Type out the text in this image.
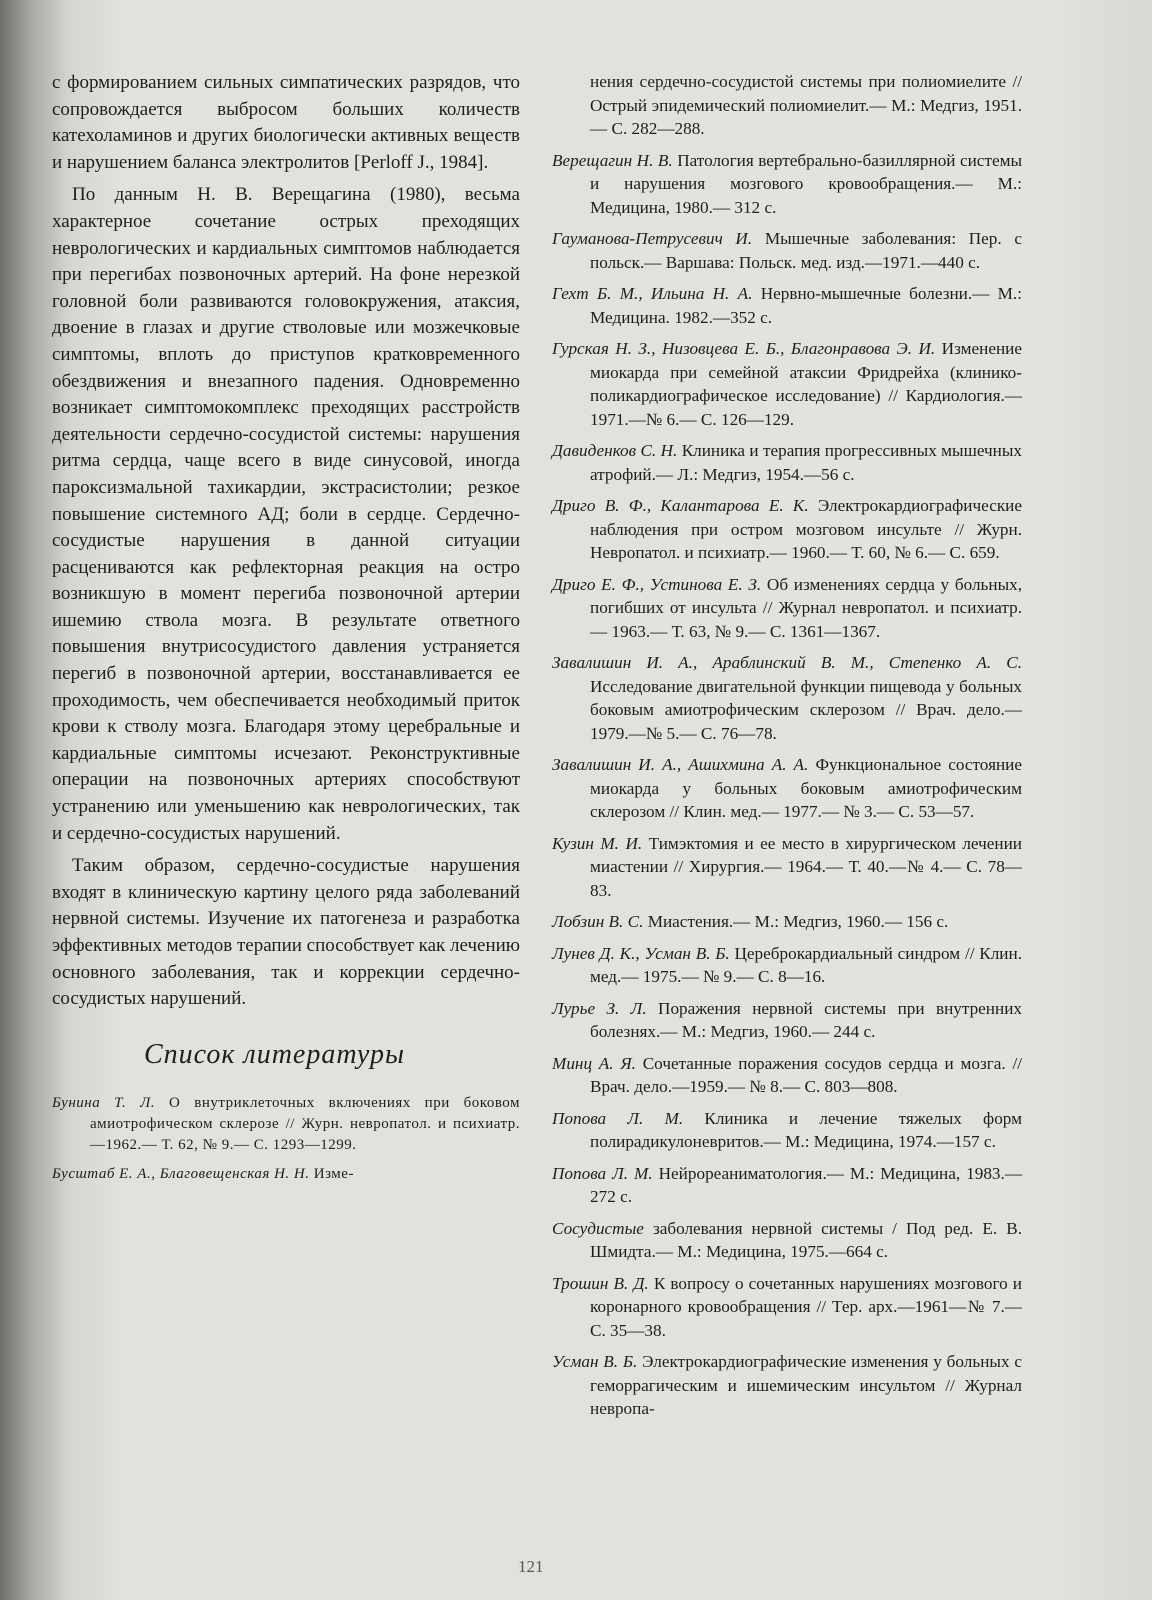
с формированием сильных симпатических разрядов, что сопровождается выбросом больших количеств катехоламинов и других биологически активных веществ и нарушением баланса электролитов [Perloff J., 1984].

По данным Н. В. Верещагина (1980), весьма характерное сочетание острых преходящих неврологических и кардиальных симптомов наблюдается при перегибах позвоночных артерий. На фоне нерезкой головной боли развиваются головокружения, атаксия, двоение в глазах и другие стволовые или мозжечковые симптомы, вплоть до приступов кратковременного обездвижения и внезапного падения. Одновременно возникает симптомокомплекс преходящих расстройств деятельности сердечно-сосудистой системы: нарушения ритма сердца, чаще всего в виде синусовой, иногда пароксизмальной тахикардии, экстрасистолии; резкое повышение системного АД; боли в сердце. Сердечно-сосудистые нарушения в данной ситуации расцениваются как рефлекторная реакция на остро возникшую в момент перегиба позвоночной артерии ишемию ствола мозга. В результате ответного повышения внутрисосудистого давления устраняется перегиб в позвоночной артерии, восстанавливается ее проходимость, чем обеспечивается необходимый приток крови к стволу мозга. Благодаря этому церебральные и кардиальные симптомы исчезают. Реконструктивные операции на позвоночных артериях способствуют устранению или уменьшению как неврологических, так и сердечно-сосудистых нарушений.

Таким образом, сердечно-сосудистые нарушения входят в клиническую картину целого ряда заболеваний нервной системы. Изучение их патогенеза и разработка эффективных методов терапии способствует как лечению основного заболевания, так и коррекции сердечно-сосудистых нарушений.

Список литературы

Бунина Т. Л. О внутриклеточных включениях при боковом амиотрофическом склерозе // Журн. невропатол. и психиатр.—1962.— Т. 62, № 9.— С. 1293—1299.

Бусштаб Е. А., Благовещенская Н. Н. Изме-

нения сердечно-сосудистой системы при полиомиелите // Острый эпидемический полиомиелит.— М.: Медгиз, 1951.— С. 282—288.

Верещагин Н. В. Патология вертебрально-базиллярной системы и нарушения мозгового кровообращения.— М.: Медицина, 1980.— 312 с.

Гауманова-Петрусевич И. Мышечные заболевания: Пер. с польск.— Варшава: Польск. мед. изд.—1971.—440 с.

Гехт Б. М., Ильина Н. А. Нервно-мышечные болезни.— М.: Медицина. 1982.—352 с.

Гурская Н. З., Низовцева Е. Б., Благонравова Э. И. Изменение миокарда при семейной атаксии Фридрейха (клинико-поликардиографическое исследование) // Кардиология.—1971.—№ 6.— С. 126—129.

Давиденков С. Н. Клиника и терапия прогрессивных мышечных атрофий.— Л.: Медгиз, 1954.—56 с.

Дриго В. Ф., Калантарова Е. К. Электрокардиографические наблюдения при остром мозговом инсульте // Журн. Невропатол. и психиатр.— 1960.— Т. 60, № 6.— С. 659.

Дриго Е. Ф., Устинова Е. З. Об изменениях сердца у больных, погибших от инсульта // Журнал невропатол. и психиатр.— 1963.— Т. 63, № 9.— С. 1361—1367.

Завалишин И. А., Араблинский В. М., Степенко А. С. Исследование двигательной функции пищевода у больных боковым амиотрофическим склерозом // Врач. дело.—1979.—№ 5.— С. 76—78.

Завалишин И. А., Ашихмина А. А. Функциональное состояние миокарда у больных боковым амиотрофическим склерозом // Клин. мед.— 1977.— № 3.— С. 53—57.

Кузин М. И. Тимэктомия и ее место в хирургическом лечении миастении // Хирургия.— 1964.— Т. 40.—№ 4.— С. 78—83.

Лобзин В. С. Миастения.— М.: Медгиз, 1960.— 156 с.

Лунев Д. К., Усман В. Б. Цереброкардиальный синдром // Клин. мед.— 1975.— № 9.— С. 8—16.

Лурье З. Л. Поражения нервной системы при внутренних болезнях.— М.: Медгиз, 1960.— 244 с.

Минц А. Я. Сочетанные поражения сосудов сердца и мозга. // Врач. дело.—1959.— № 8.— С. 803—808.

Попова Л. М. Клиника и лечение тяжелых форм полирадикулоневритов.— М.: Медицина, 1974.—157 с.

Попова Л. М. Нейрореаниматология.— М.: Медицина, 1983.—272 с.

Сосудистые заболевания нервной системы / Под ред. Е. В. Шмидта.— М.: Медицина, 1975.—664 с.

Трошин В. Д. К вопросу о сочетанных нарушениях мозгового и коронарного кровообращения // Тер. арх.—1961—№ 7.— С. 35—38.

Усман В. Б. Электрокардиографические изменения у больных с геморрагическим и ишемическим инсультом // Журнал невропа-

121
